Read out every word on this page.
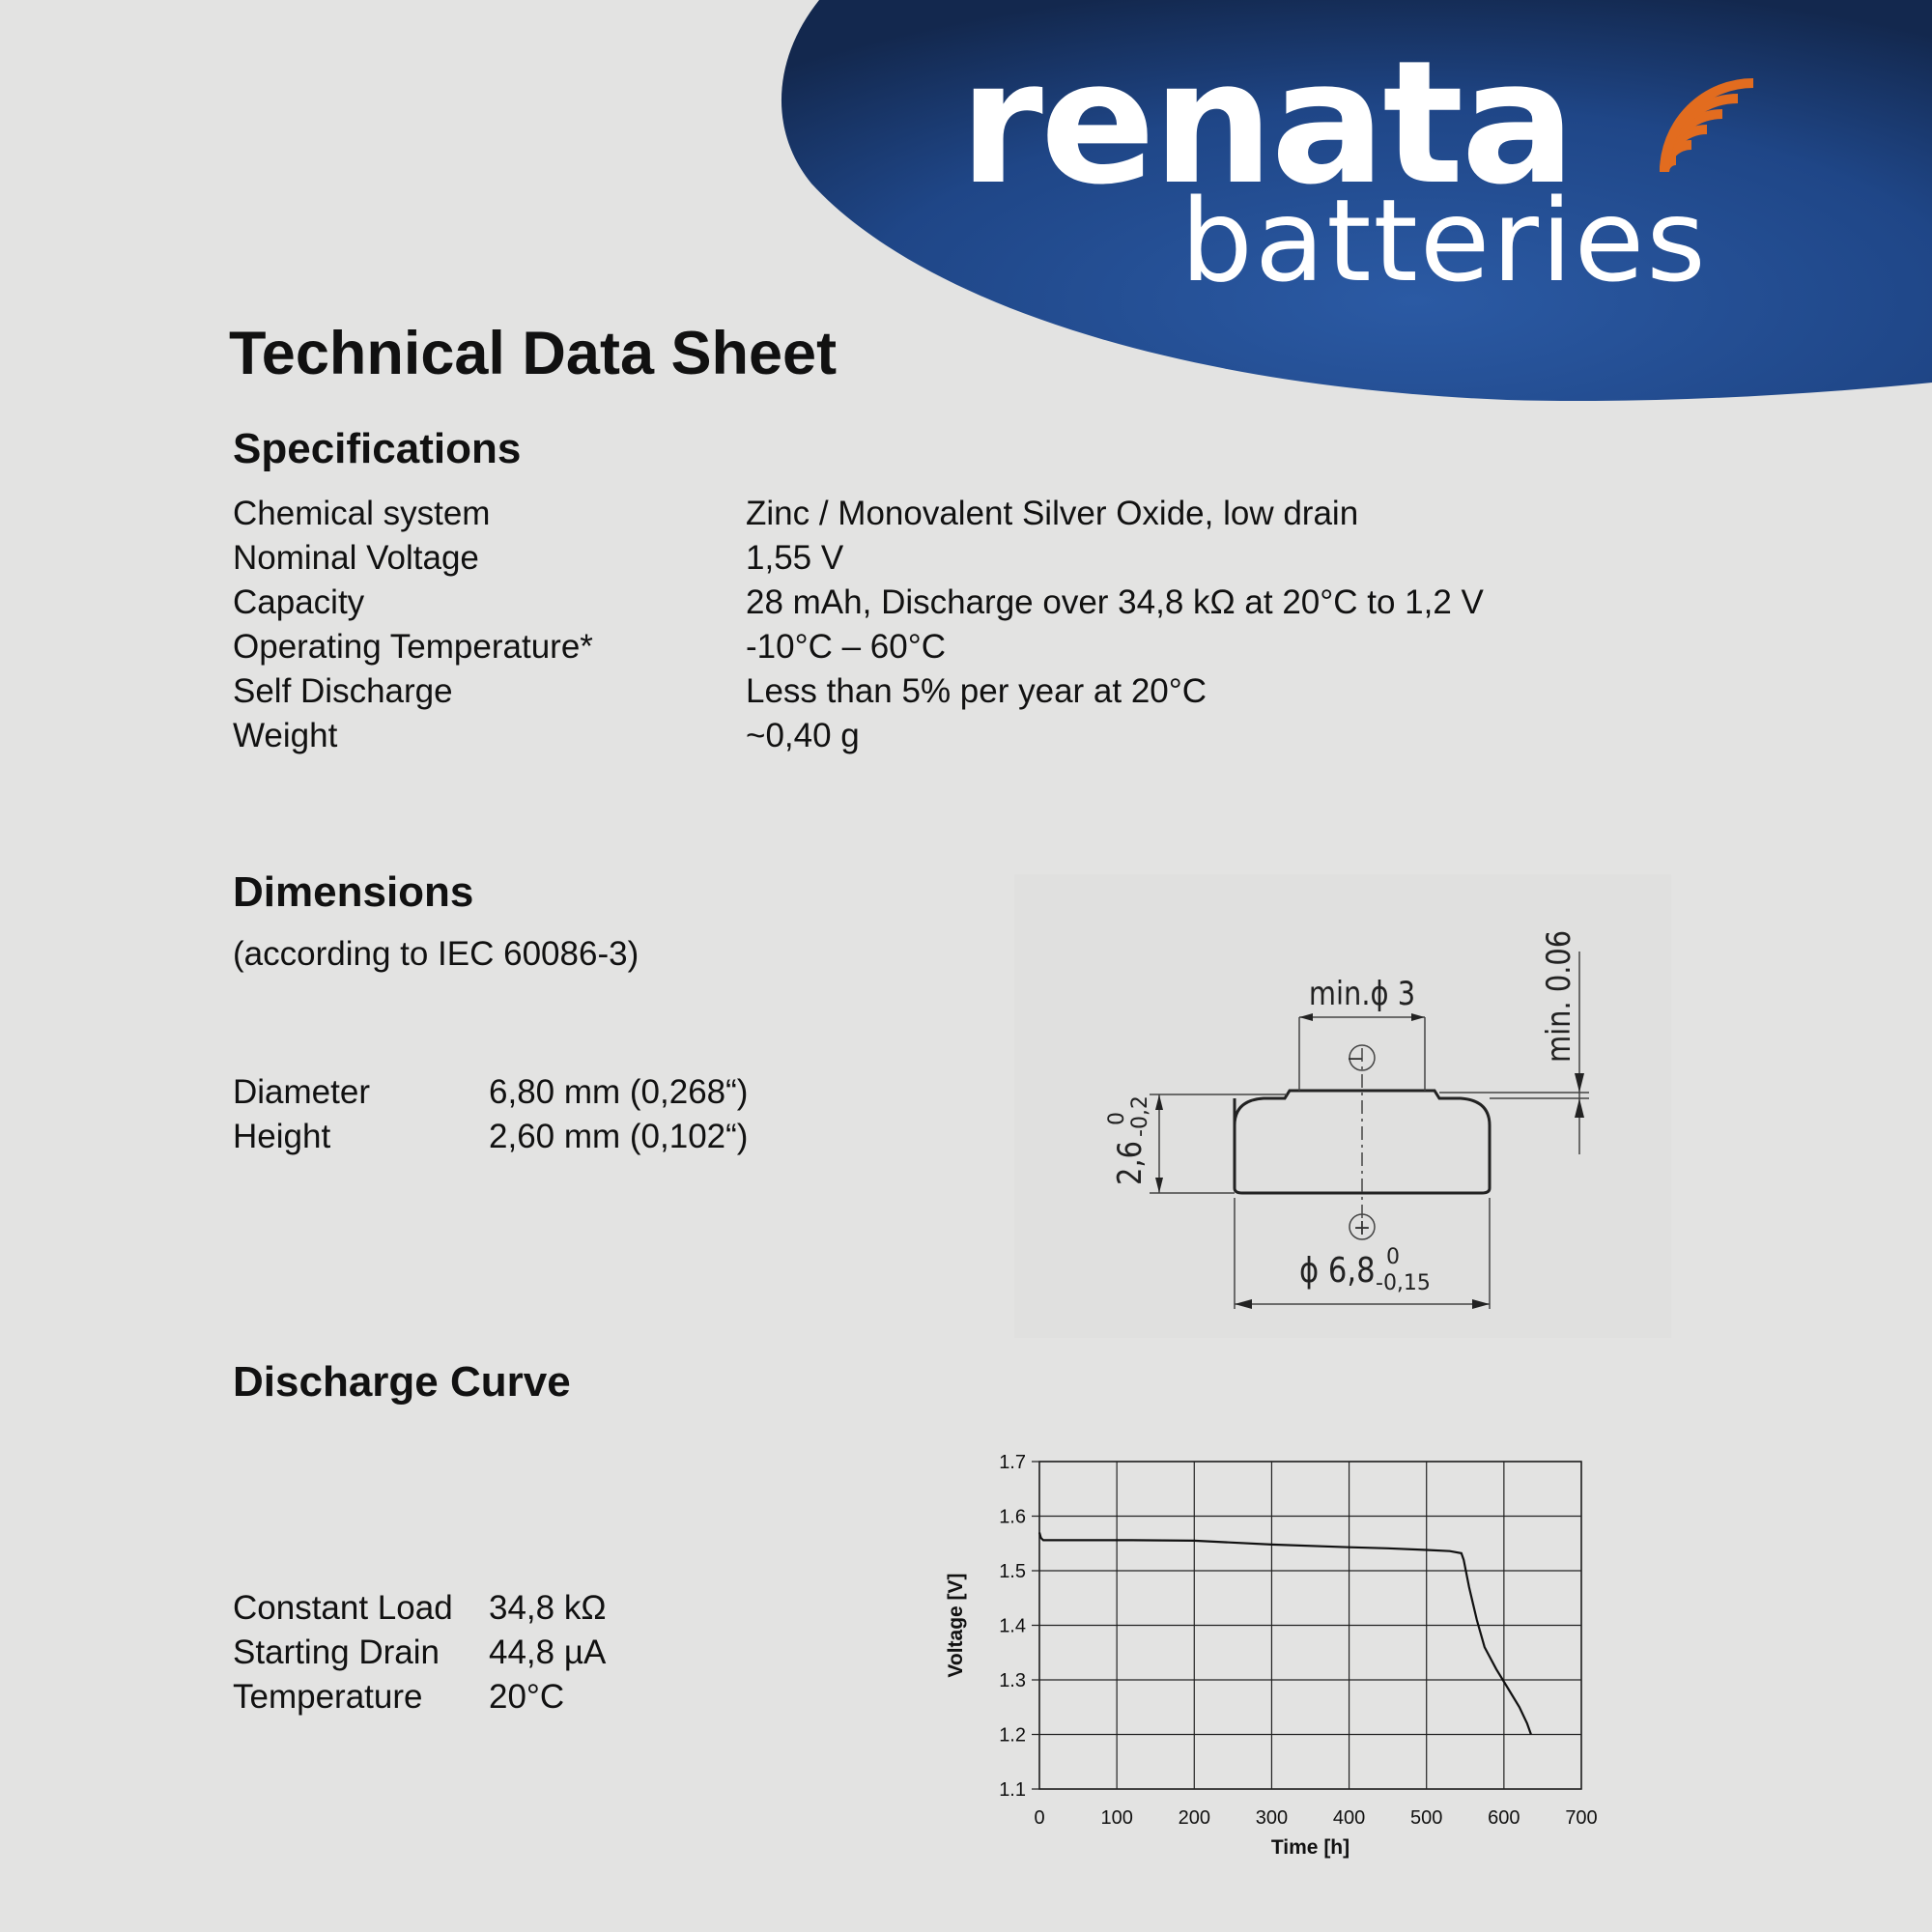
renata
batteries
Technical Data Sheet
Specifications
Chemical system	Zinc / Monovalent Silver Oxide, low drain
Nominal Voltage	1,55 V
Capacity	28 mAh, Discharge over 34,8 kΩ at 20°C to 1,2 V
Operating Temperature*	-10°C – 60°C
Self Discharge	Less than 5% per year at 20°C
Weight	~0,40 g
Dimensions
(according to IEC 60086-3)
Diameter	6,80 mm (0,268“)
Height	2,60 mm (0,102“)
−
+
min.ϕ 3	min. 0.06
2,6
0 -0,2
ϕ 6,8 0
-0,15
Discharge Curve
Constant Load 34,8 kΩ
Starting Drain 44,8 µA
Temperature 20°C
0	100 200 300 400 500 600 700
1.1
1.2
1.3
1.4
1.5
1.6
1.7
Time [h]
Voltage [V]
